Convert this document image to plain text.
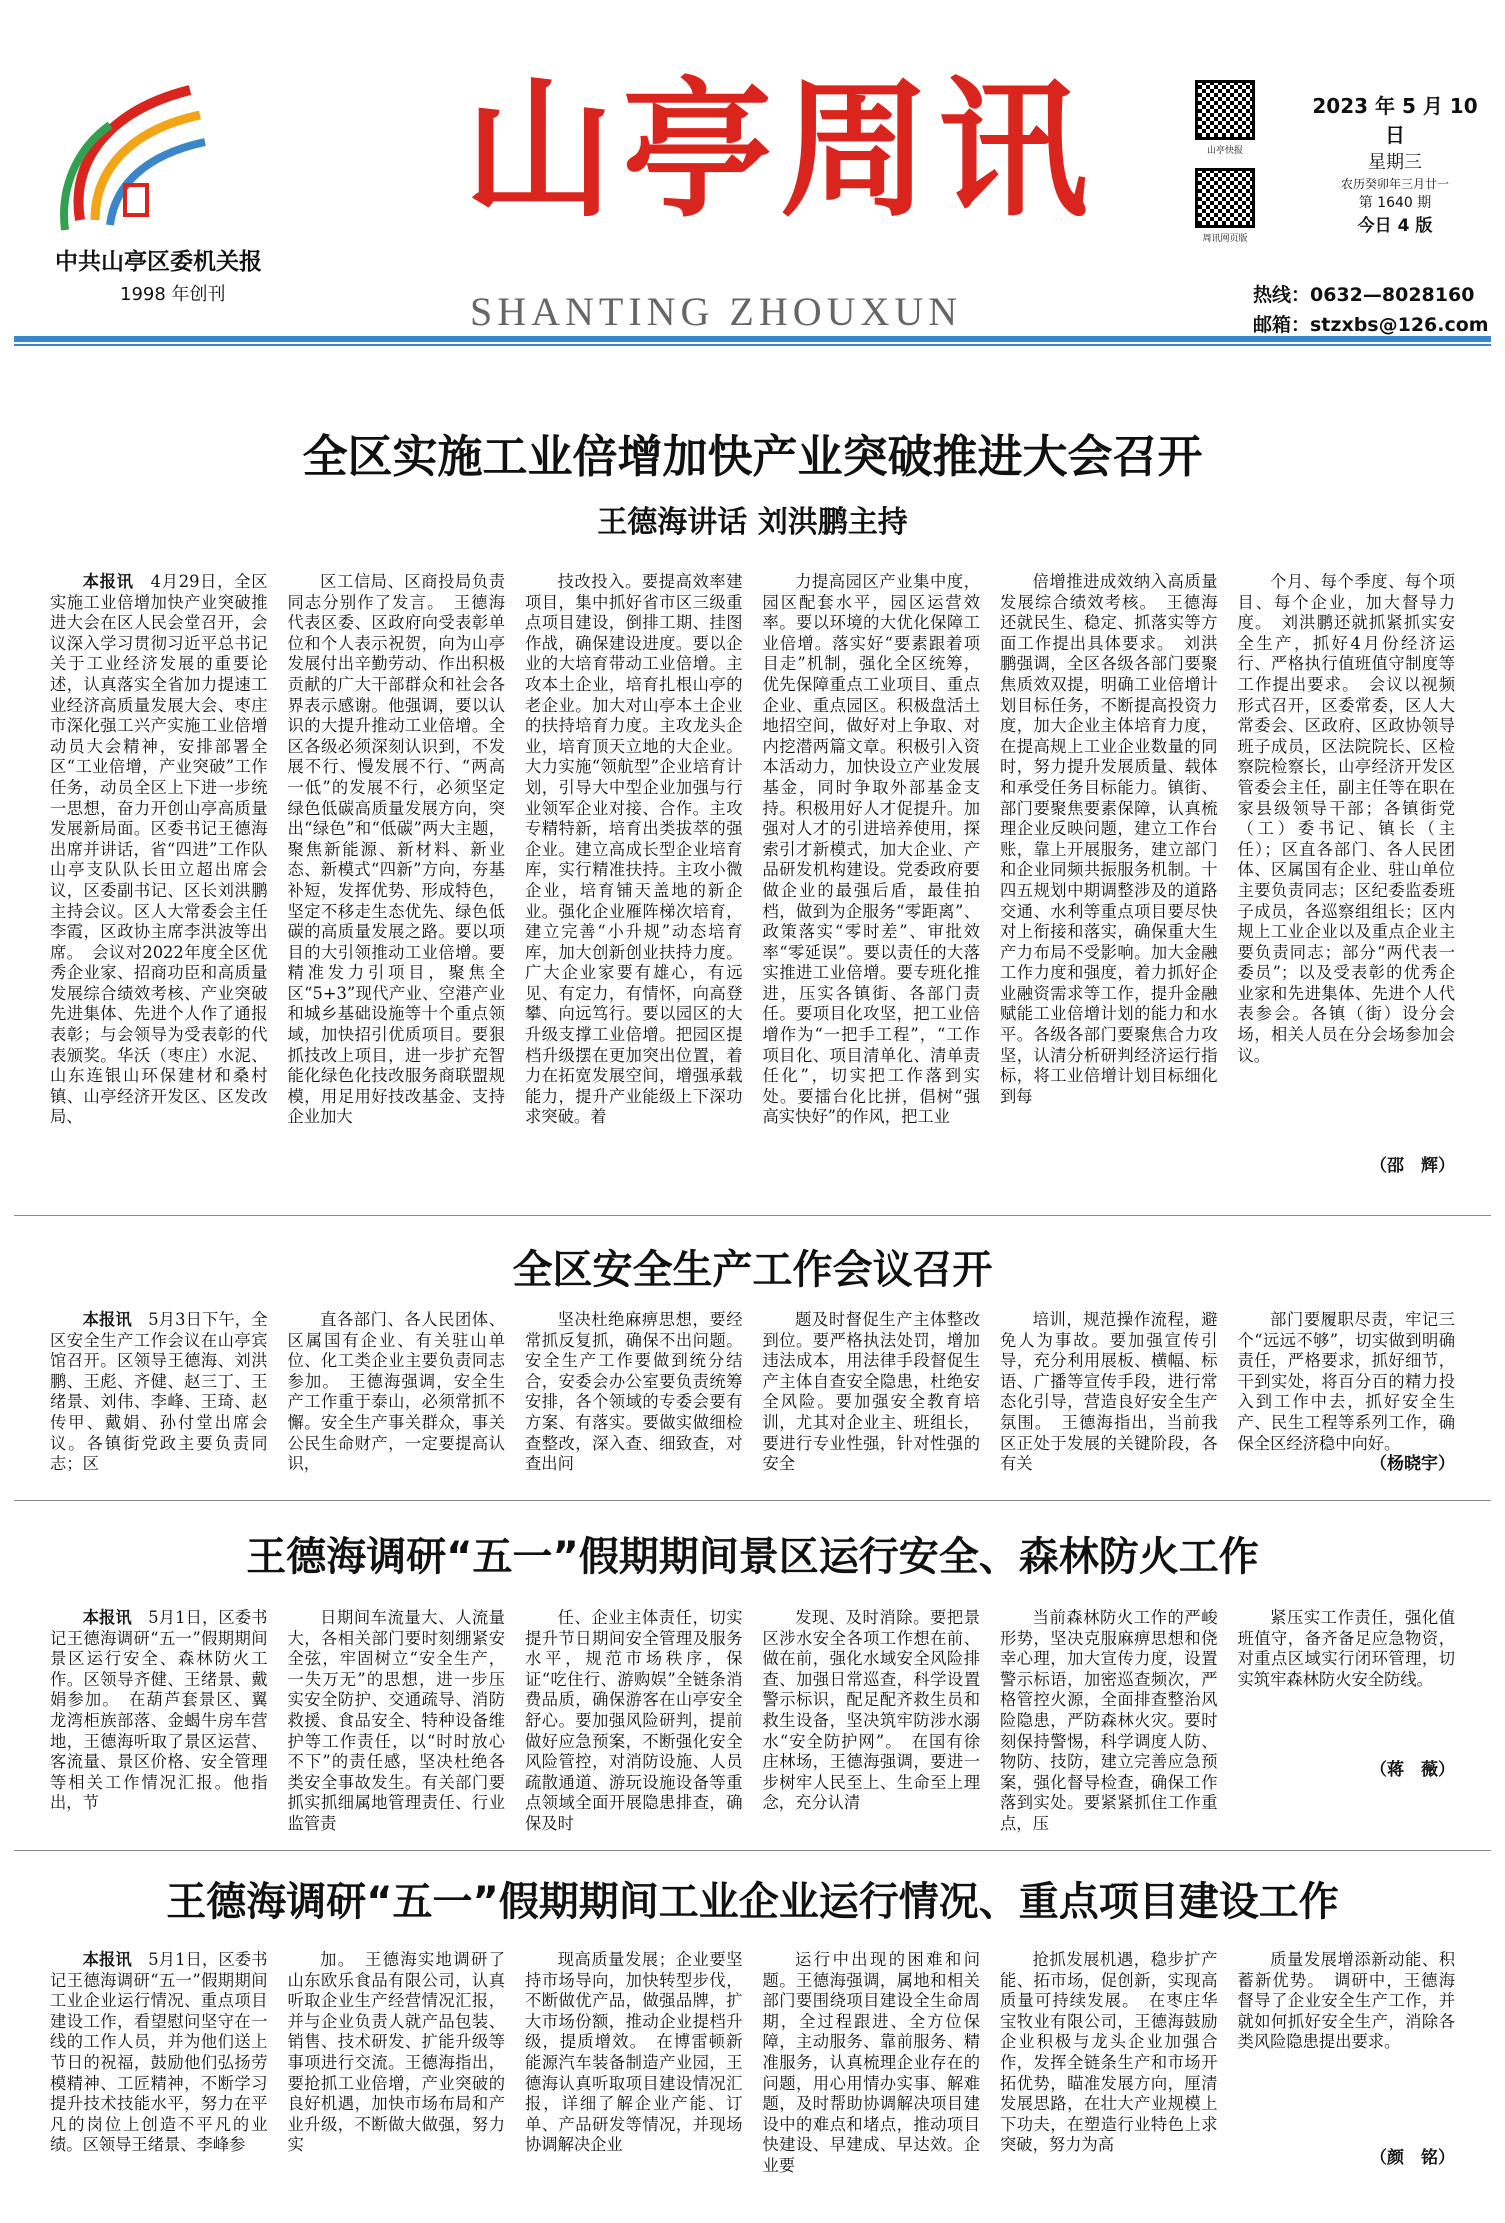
中共山亭区委机关报
1998 年创刊
山亭周讯
SHANTING ZHOUXUN
山亭快报
周讯网页版
2023 年 5 月 10 日
星期三
农历癸卯年三月廿一
第 1640 期
今日 4 版
热线：0632—8028160
邮箱：stzxbs@126.com
全区实施工业倍增加快产业突破推进大会召开
王德海讲话 刘洪鹏主持

本报讯　 4月29日，全区实施工业倍增加快产业突破推进大会在区人民会堂召开，会议深入学习贯彻习近平总书记关于工业经济发展的重要论述，认真落实全省加力提速工业经济高质量发展大会、枣庄市深化强工兴产实施工业倍增动员大会精神，安排部署全区“工业倍增，产业突破”工作任务，动员全区上下进一步统一思想，奋力开创山亭高质量发展新局面。区委书记王德海出席并讲话，省“四进”工作队山亭支队队长田立超出席会议，区委副书记、区长刘洪鹏主持会议。区人大常委会主任李霞，区政协主席李洪波等出席。　会议对2022年度全区优秀企业家、招商功臣和高质量发展综合绩效考核、产业突破先进集体、先进个人作了通报表彰；与会领导为受表彰的代表颁奖。华沃（枣庄）水泥、山东连银山环保建材和桑村镇、山亭经济开发区、区发改局、

区工信局、区商投局负责同志分别作了发言。　王德海代表区委、区政府向受表彰单位和个人表示祝贺，向为山亭发展付出辛勤劳动、作出积极贡献的广大干部群众和社会各界表示感谢。他强调，要以认识的大提升推动工业倍增。全区各级必须深刻认识到，不发展不行、慢发展不行、“两高一低”的发展不行，必须坚定绿色低碳高质量发展方向，突出“绿色”和“低碳”两大主题，聚焦新能源、新材料、新业态、新模式“四新”方向，夯基补短，发挥优势、形成特色，坚定不移走生态优先、绿色低碳的高质量发展之路。要以项目的大引领推动工业倍增。要精准发力引项目，聚焦全区“5+3”现代产业、空港产业和城乡基础设施等十个重点领域，加快招引优质项目。要狠抓技改上项目，进一步扩充智能化绿色化技改服务商联盟规模，用足用好技改基金、支持企业加大

技改投入。要提高效率建项目，集中抓好省市区三级重点项目建设，倒排工期、挂图作战，确保建设进度。要以企业的大培育带动工业倍增。主攻本土企业，培育扎根山亭的老企业。加大对山亭本土企业的扶持培育力度。主攻龙头企业，培育顶天立地的大企业。大力实施“领航型”企业培育计划，引导大中型企业加强与行业领军企业对接、合作。主攻专精特新，培育出类拔萃的强企业。建立高成长型企业培育库，实行精准扶持。主攻小微企业，培育铺天盖地的新企业。强化企业雁阵梯次培育，建立完善“小升规”动态培育库，加大创新创业扶持力度。广大企业家要有雄心，有远见、有定力，有情怀，向高登攀、向远笃行。要以园区的大升级支撑工业倍增。把园区提档升级摆在更加突出位置，着力在拓宽发展空间，增强承载能力，提升产业能级上下深功求突破。着

力提高园区产业集中度，园区配套水平，园区运营效率。要以环境的大优化保障工业倍增。落实好“要素跟着项目走”机制，强化全区统筹，优先保障重点工业项目、重点企业、重点园区。积极盘活土地招空间，做好对上争取、对内挖潜两篇文章。积极引入资本活动力，加快设立产业发展基金，同时争取外部基金支持。积极用好人才促提升。加强对人才的引进培养使用，探索引才新模式，加大企业、产品研发机构建设。党委政府要做企业的最强后盾，最佳拍档，做到为企服务“零距离”、政策落实“零时差”、审批效率“零延误”。要以责任的大落实推进工业倍增。要专班化推进，压实各镇街、各部门责任。要项目化攻坚，把工业倍增作为“一把手工程”，“工作项目化、项目清单化、清单责任化”，切实把工作落到实处。要擂台化比拼，倡树“强高实快好”的作风，把工业

倍增推进成效纳入高质量发展综合绩效考核。　王德海还就民生、稳定、抓落实等方面工作提出具体要求。　刘洪鹏强调，全区各级各部门要聚焦质效双提，明确工业倍增计划目标任务，不断提高投资力度，加大企业主体培育力度，在提高规上工业企业数量的同时，努力提升发展质量、载体和承受任务目标能力。镇街、部门要聚焦要素保障，认真梳理企业反映问题，建立工作台账，靠上开展服务，建立部门和企业同频共振服务机制。十四五规划中期调整涉及的道路交通、水利等重点项目要尽快对上衔接和落实，确保重大生产力布局不受影响。加大金融工作力度和强度，着力抓好企业融资需求等工作，提升金融赋能工业倍增计划的能力和水平。各级各部门要聚焦合力攻坚，认清分析研判经济运行指标，将工业倍增计划目标细化到每

个月、每个季度、每个项目、每个企业，加大督导力度。　刘洪鹏还就抓紧抓实安全生产，抓好4月份经济运行、严格执行值班值守制度等工作提出要求。　会议以视频形式召开，区委常委，区人大常委会、区政府、区政协领导班子成员，区法院院长、区检察院检察长，山亭经济开发区管委会主任，副主任等在职在家县级领导干部；各镇街党（工）委书记、镇长（主任）；区直各部门、各人民团体、区属国有企业、驻山单位主要负责同志；区纪委监委班子成员，各巡察组组长；区内规上工业企业以及重点企业主要负责同志；部分“两代表一委员”；以及受表彰的优秀企业家和先进集体、先进个人代表参会。各镇（街）设分会场，相关人员在分会场参加会议。

（邵　辉）
全区安全生产工作会议召开

本报讯　 5月3日下午，全区安全生产工作会议在山亭宾馆召开。区领导王德海、刘洪鹏、王彪、齐健、赵三丁、王绪景、刘伟、李峰、王琦、赵传甲、戴娟、孙付堂出席会议。各镇街党政主要负责同志；区

直各部门、各人民团体、区属国有企业、有关驻山单位、化工类企业主要负责同志参加。　王德海强调，安全生产工作重于泰山，必须常抓不懈。安全生产事关群众，事关公民生命财产，一定要提高认识，

坚决杜绝麻痹思想，要经常抓反复抓，确保不出问题。安全生产工作要做到统分结合，安委会办公室要负责统筹安排，各个领域的专委会要有方案、有落实。要做实做细检查整改，深入查、细致查，对查出问

题及时督促生产主体整改到位。要严格执法处罚，增加违法成本，用法律手段督促生产主体自查安全隐患，杜绝安全风险。要加强安全教育培训，尤其对企业主、班组长，要进行专业性强，针对性强的安全

培训，规范操作流程，避免人为事故。要加强宣传引导，充分利用展板、横幅、标语、广播等宣传手段，进行常态化引导，营造良好安全生产氛围。　王德海指出，当前我区正处于发展的关键阶段，各有关

部门要履职尽责，牢记三个“远远不够”，切实做到明确责任，严格要求，抓好细节，干到实处，将百分百的精力投入到工作中去，抓好安全生产、民生工程等系列工作，确保全区经济稳中向好。

（杨晓宇）
王德海调研“五一”假期期间景区运行安全、森林防火工作

本报讯　 5月1日，区委书记王德海调研“五一”假期期间景区运行安全、森林防火工作。区领导齐健、王绪景、戴娟参加。　在葫芦套景区、翼龙湾柜族部落、金蝎牛房车营地，王德海听取了景区运营、客流量、景区价格、安全管理等相关工作情况汇报。他指出，节

日期间车流量大、人流量大，各相关部门要时刻绷紧安全弦，牢固树立“安全生产，一失万无”的思想，进一步压实安全防护、交通疏导、消防救援、食品安全、特种设备维护等工作责任，以“时时放心不下”的责任感，坚决杜绝各类安全事故发生。有关部门要抓实抓细属地管理责任、行业监管责

任、企业主体责任，切实提升节日期间安全管理及服务水平，规范市场秩序，保证“吃住行、游购娱”全链条消费品质，确保游客在山亭安全舒心。要加强风险研判，提前做好应急预案，不断强化安全风险管控，对消防设施、人员疏散通道、游玩设施设备等重点领域全面开展隐患排查，确保及时

发现、及时消除。要把景区涉水安全各项工作想在前、做在前，强化水域安全风险排查、加强日常巡查，科学设置警示标识，配足配齐救生员和救生设备，坚决筑牢防涉水溺水“安全防护网”。　在国有徐庄林场，王德海强调，要进一步树牢人民至上、生命至上理念，充分认清

当前森林防火工作的严峻形势，坚决克服麻痹思想和侥幸心理，加大宣传力度，设置警示标语，加密巡查频次，严格管控火源，全面排查整治风险隐患，严防森林火灾。要时刻保持警惕，科学调度人防、物防、技防，建立完善应急预案，强化督导检查，确保工作落到实处。要紧紧抓住工作重点，压

紧压实工作责任，强化值班值守，备齐备足应急物资，对重点区域实行闭环管理，切实筑牢森林防火安全防线。

（蒋　薇）
王德海调研“五一”假期期间工业企业运行情况、重点项目建设工作

本报讯　 5月1日，区委书记王德海调研“五一”假期期间工业企业运行情况、重点项目建设工作，看望慰问坚守在一线的工作人员，并为他们送上节日的祝福，鼓励他们弘扬劳模精神、工匠精神，不断学习提升技术技能水平，努力在平凡的岗位上创造不平凡的业绩。区领导王绪景、李峰参

加。　王德海实地调研了山东欧乐食品有限公司，认真听取企业生产经营情况汇报，并与企业负责人就产品包装、销售、技术研发、扩能升级等事项进行交流。王德海指出，要抢抓工业倍增，产业突破的良好机遇，加快市场布局和产业升级，不断做大做强，努力实

现高质量发展；企业要坚持市场导向，加快转型步伐，不断做优产品，做强品牌，扩大市场份额，推动企业提档升级，提质增效。　在博雷顿新能源汽车装备制造产业园，王德海认真听取项目建设情况汇报，详细了解企业产能、订单、产品研发等情况，并现场协调解决企业

运行中出现的困难和问题。王德海强调，属地和相关部门要围绕项目建设全生命周期，全过程跟进、全方位保障，主动服务、靠前服务、精准服务，认真梳理企业存在的问题，用心用情办实事、解难题，及时帮助协调解决项目建设中的难点和堵点，推动项目快建设、早建成、早达效。企业要

抢抓发展机遇，稳步扩产能、拓市场，促创新，实现高质量可持续发展。　在枣庄华宝牧业有限公司，王德海鼓励企业积极与龙头企业加强合作，发挥全链条生产和市场开拓优势，瞄准发展方向，厘清发展思路，在壮大产业规模上下功夫，在塑造行业特色上求突破，努力为高

质量发展增添新动能、积蓄新优势。　调研中，王德海督导了企业安全生产工作，并就如何抓好安全生产，消除各类风险隐患提出要求。

（颜　铭）
